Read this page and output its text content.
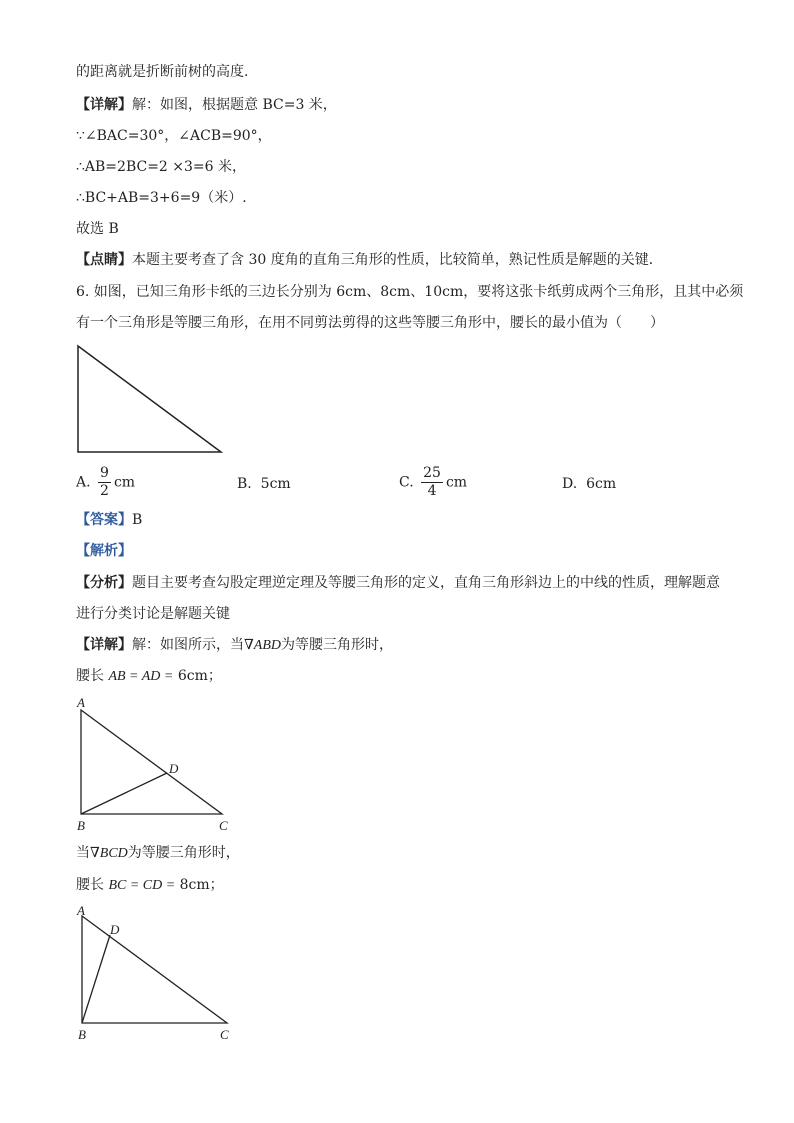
的距离就是折断前树的高度.
【详解】解：如图，根据题意 BC=3 米，
∵∠BAC=30°，∠ACB=90°，
∴AB=2BC=2 ×3=6 米，
∴BC+AB=3+6=9（米）.
故选 B
【点睛】本题主要考查了含 30 度角的直角三角形的性质，比较简单，熟记性质是解题的关键．
6. 如图，已知三角形卡纸的三边长分别为 6cm、8cm、10cm，要将这张卡纸剪成两个三角形，且其中必须
有一个三角形是等腰三角形，在用不同剪法剪得的这些等腰三角形中，腰长的最小值为（　　）
A. $\frac{9}{2}$ cm	B. 5cm	C. $\frac{25}{4}$ cm	D. 6cm
【答案】B
【解析】
【分析】题目主要考查勾股定理逆定理及等腰三角形的定义，直角三角形斜边上的中线的性质，理解题意
进行分类讨论是解题关键
【详解】解：如图所示，当∇ABD为等腰三角形时，
腰长 AB = AD = 6cm；
A
D
B	C
当∇BCD为等腰三角形时，
腰长 BC = CD = 8cm；
A
D
B	C
